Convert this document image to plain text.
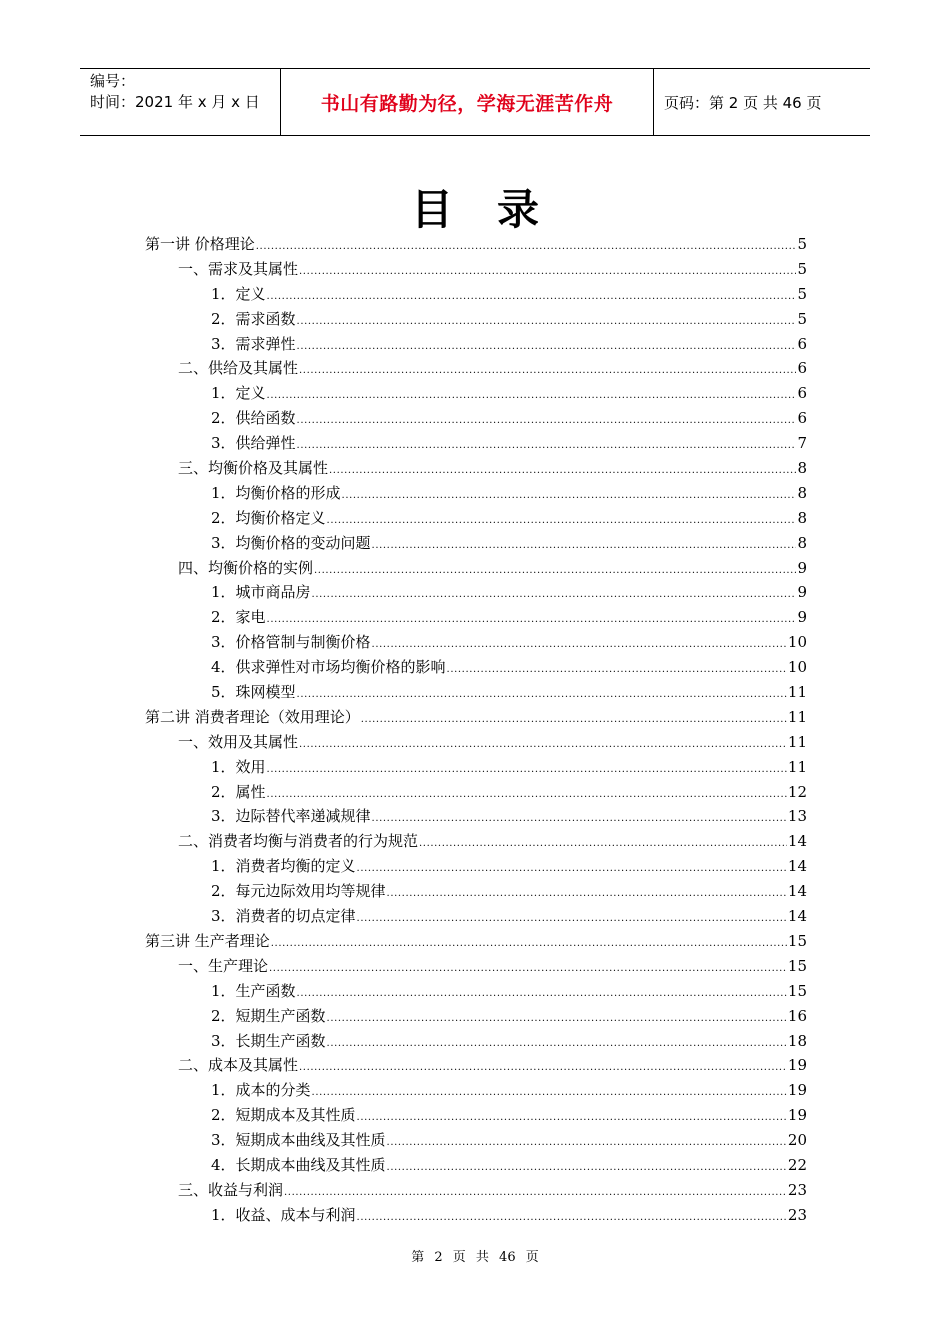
编号：
时间：2021 年 x 月 x 日	书山有路勤为径，学海无涯苦作舟	页码：第 2 页 共 46 页
目录
第一讲 价格理论 .....	5
一、需求及其属性 .....	5
1．定义 .....	5
2．需求函数 .....	5
3．需求弹性 .....	6
二、供给及其属性 .....	6
1．定义 .....	6
2．供给函数 .....	6
3．供给弹性 .....	7
三、均衡价格及其属性 .....	8
1．均衡价格的形成 .....	8
2．均衡价格定义 .....	8
3．均衡价格的变动问题 .....	8
四、均衡价格的实例 .....	9
1．城市商品房 .....	9
2．家电 .....	9
3．价格管制与制衡价格 .....	10
4．供求弹性对市场均衡价格的影响 .....	10
5．珠网模型 .....	11
第二讲 消费者理论（效用理论） .....	11
一、效用及其属性 .....	11
1．效用 .....	11
2．属性 .....	12
3．边际替代率递减规律 .....	13
二、消费者均衡与消费者的行为规范 .....	14
1．消费者均衡的定义 .....	14
2．每元边际效用均等规律 .....	14
3．消费者的切点定律 .....	14
第三讲 生产者理论 .....	15
一、生产理论 .....	15
1．生产函数 .....	15
2．短期生产函数 .....	16
3．长期生产函数 .....	18
二、成本及其属性 .....	19
1．成本的分类 .....	19
2．短期成本及其性质 .....	19
3．短期成本曲线及其性质 .....	20
4．长期成本曲线及其性质 .....	22
三、收益与利润 .....	23
1．收益、成本与利润 .....	23
第 2 页 共 46 页
